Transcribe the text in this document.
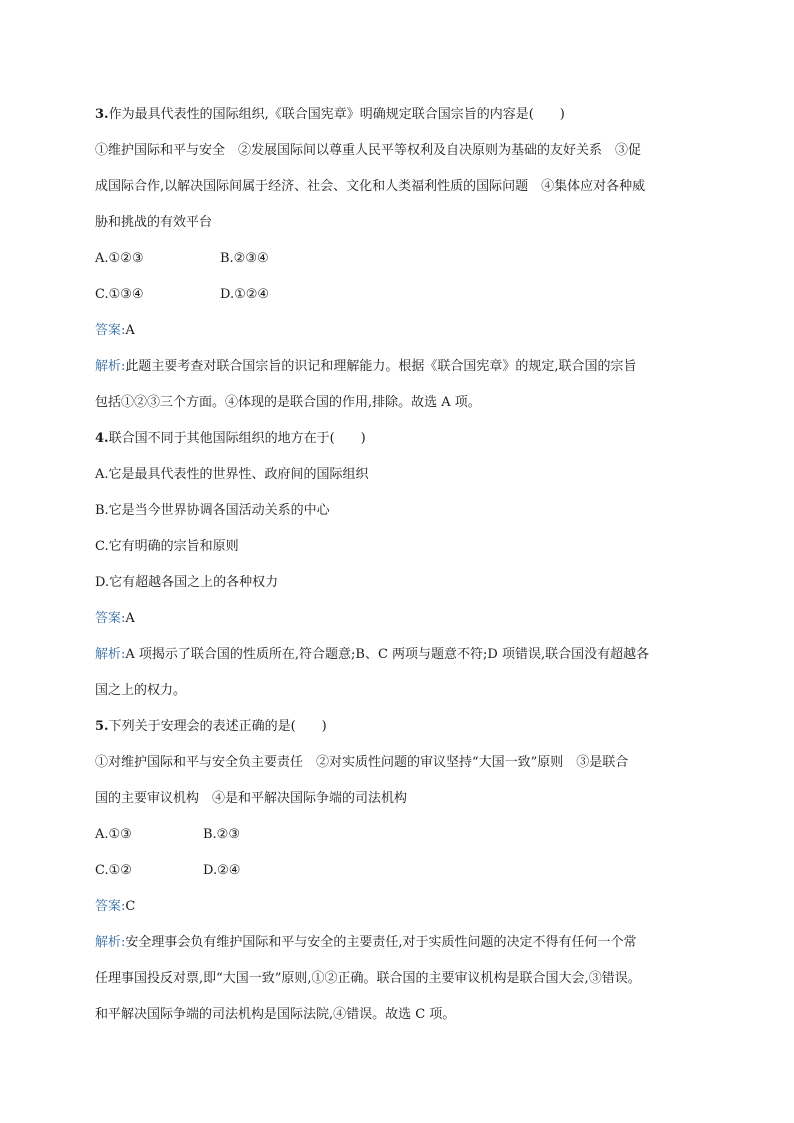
3.作为最具代表性的国际组织,《联合国宪章》明确规定联合国宗旨的内容是(　　)
①维护国际和平与安全　②发展国际间以尊重人民平等权利及自决原则为基础的友好关系　③促
成国际合作,以解决国际间属于经济、社会、文化和人类福利性质的国际问题　④集体应对各种威
胁和挑战的有效平台
A.①②③	B.②③④
C.①③④	D.①②④
答案:A
解析:此题主要考查对联合国宗旨的识记和理解能力。根据《联合国宪章》的规定,联合国的宗旨
包括①②③三个方面。④体现的是联合国的作用,排除。故选 A 项。
4.联合国不同于其他国际组织的地方在于(　　)
A.它是最具代表性的世界性、政府间的国际组织
B.它是当今世界协调各国活动关系的中心
C.它有明确的宗旨和原则
D.它有超越各国之上的各种权力
答案:A
解析:A 项揭示了联合国的性质所在,符合题意;B、C 两项与题意不符;D 项错误,联合国没有超越各
国之上的权力。
5.下列关于安理会的表述正确的是(　　)
①对维护国际和平与安全负主要责任　②对实质性问题的审议坚持“大国一致”原则　③是联合
国的主要审议机构　④是和平解决国际争端的司法机构
A.①③	B.②③
C.①②	D.②④
答案:C
解析:安全理事会负有维护国际和平与安全的主要责任,对于实质性问题的决定不得有任何一个常
任理事国投反对票,即“大国一致”原则,①②正确。联合国的主要审议机构是联合国大会,③错误。
和平解决国际争端的司法机构是国际法院,④错误。故选 C 项。
